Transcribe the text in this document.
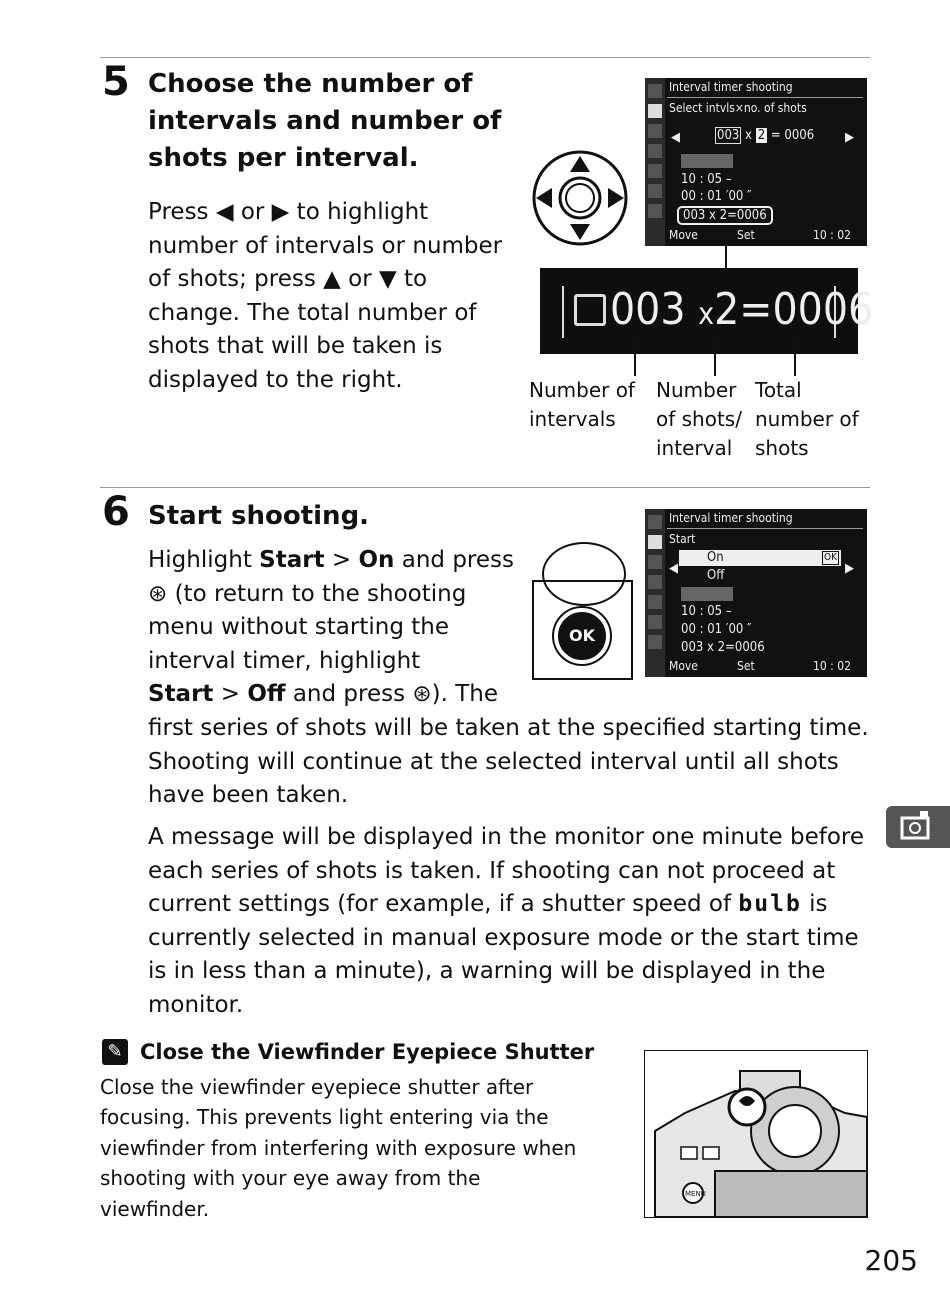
5 Choose the number of
intervals and number of
shots per interval.
Press ◀ or ▶ to highlight
number of intervals or number
of shots; press ▲ or ▼ to
change. The total number of
shots that will be taken is
displayed to the right.
Interval timer shooting
Select intvls×no. of shots
◀	003 x 2 = 0006 ▶
10 : 05 –
00 : 01 ′00 ″
003 x 2=0006
Move	Set	10 : 02
003 x2=0006
Number of
intervals
Number
of shots/
interval
Total
number of
shots
6 Start shooting.
Highlight Start > On and press
⊛ (to return to the shooting
menu without starting the
interval timer, highlight
Start > Off and press ⊛). The
first series of shots will be taken at the specified starting time.
Shooting will continue at the selected interval until all shots
have been taken.
A message will be displayed in the monitor one minute before
each series of shots is taken. If shooting can not proceed at
current settings (for example, if a shutter speed of bulb is
currently selected in manual exposure mode or the start time
is in less than a minute), a warning will be displayed in the
monitor.
OK
Interval timer shooting
Start
◀
On	OK
Off	▶
10 : 05 –
00 : 01 ′00 ″
003 x 2=0006
Move	Set	10 : 02
✎ Close the Viewfinder Eyepiece Shutter
Close the viewfinder eyepiece shutter after
focusing. This prevents light entering via the
viewfinder from interfering with exposure when
shooting with your eye away from the
viewfinder.
MENU
205
